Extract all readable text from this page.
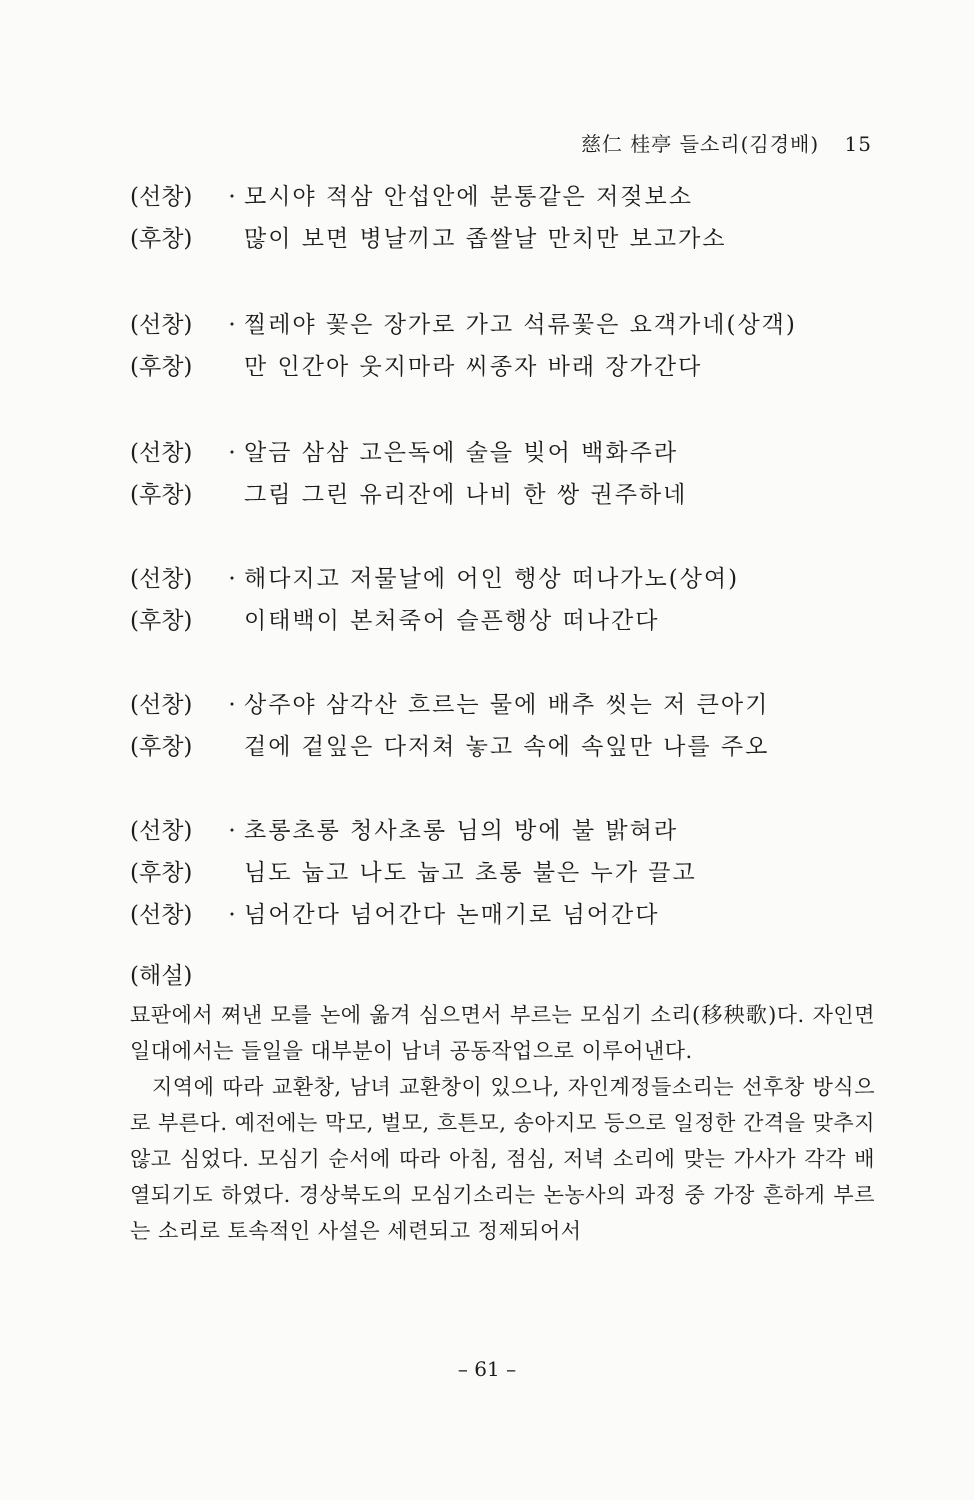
慈仁 桂亭 들소리(김경배) 15
(선창) · 모시야 적삼 안섭안에 분통같은 저젖보소
(후창) 많이 보면 병날끼고 좁쌀날 만치만 보고가소
(선창) · 찔레야 꽃은 장가로 가고 석류꽃은 요객가네(상객)
(후창) 만 인간아 웃지마라 씨종자 바래 장가간다
(선창) · 알금 삼삼 고은독에 술을 빚어 백화주라
(후창) 그림 그린 유리잔에 나비 한 쌍 권주하네
(선창) · 해다지고 저물날에 어인 행상 떠나가노(상여)
(후창) 이태백이 본처죽어 슬픈행상 떠나간다
(선창) · 상주야 삼각산 흐르는 물에 배추 씻는 저 큰아기
(후창) 겉에 겉잎은 다저쳐 놓고 속에 속잎만 나를 주오
(선창) · 초롱초롱 청사초롱 님의 방에 불 밝혀라
(후창) 님도 눕고 나도 눕고 초롱 불은 누가 끌고
(선창) · 넘어간다 넘어간다 논매기로 넘어간다
(해설)

묘판에서 쪄낸 모를 논에 옮겨 심으면서 부르는 모심기 소리(移秧歌)다. 자인면 일대에서는 들일을 대부분이 남녀 공동작업으로 이루어낸다.

지역에 따라 교환창, 남녀 교환창이 있으나, 자인계정들소리는 선후창 방식으로 부른다. 예전에는 막모, 벌모, 흐튼모, 송아지모 등으로 일정한 간격을 맞추지 않고 심었다. 모심기 순서에 따라 아침, 점심, 저녁 소리에 맞는 가사가 각각 배열되기도 하였다. 경상북도의 모심기소리는 논농사의 과정 중 가장 흔하게 부르는 소리로 토속적인 사설은 세련되고 정제되어서

– 61 –
